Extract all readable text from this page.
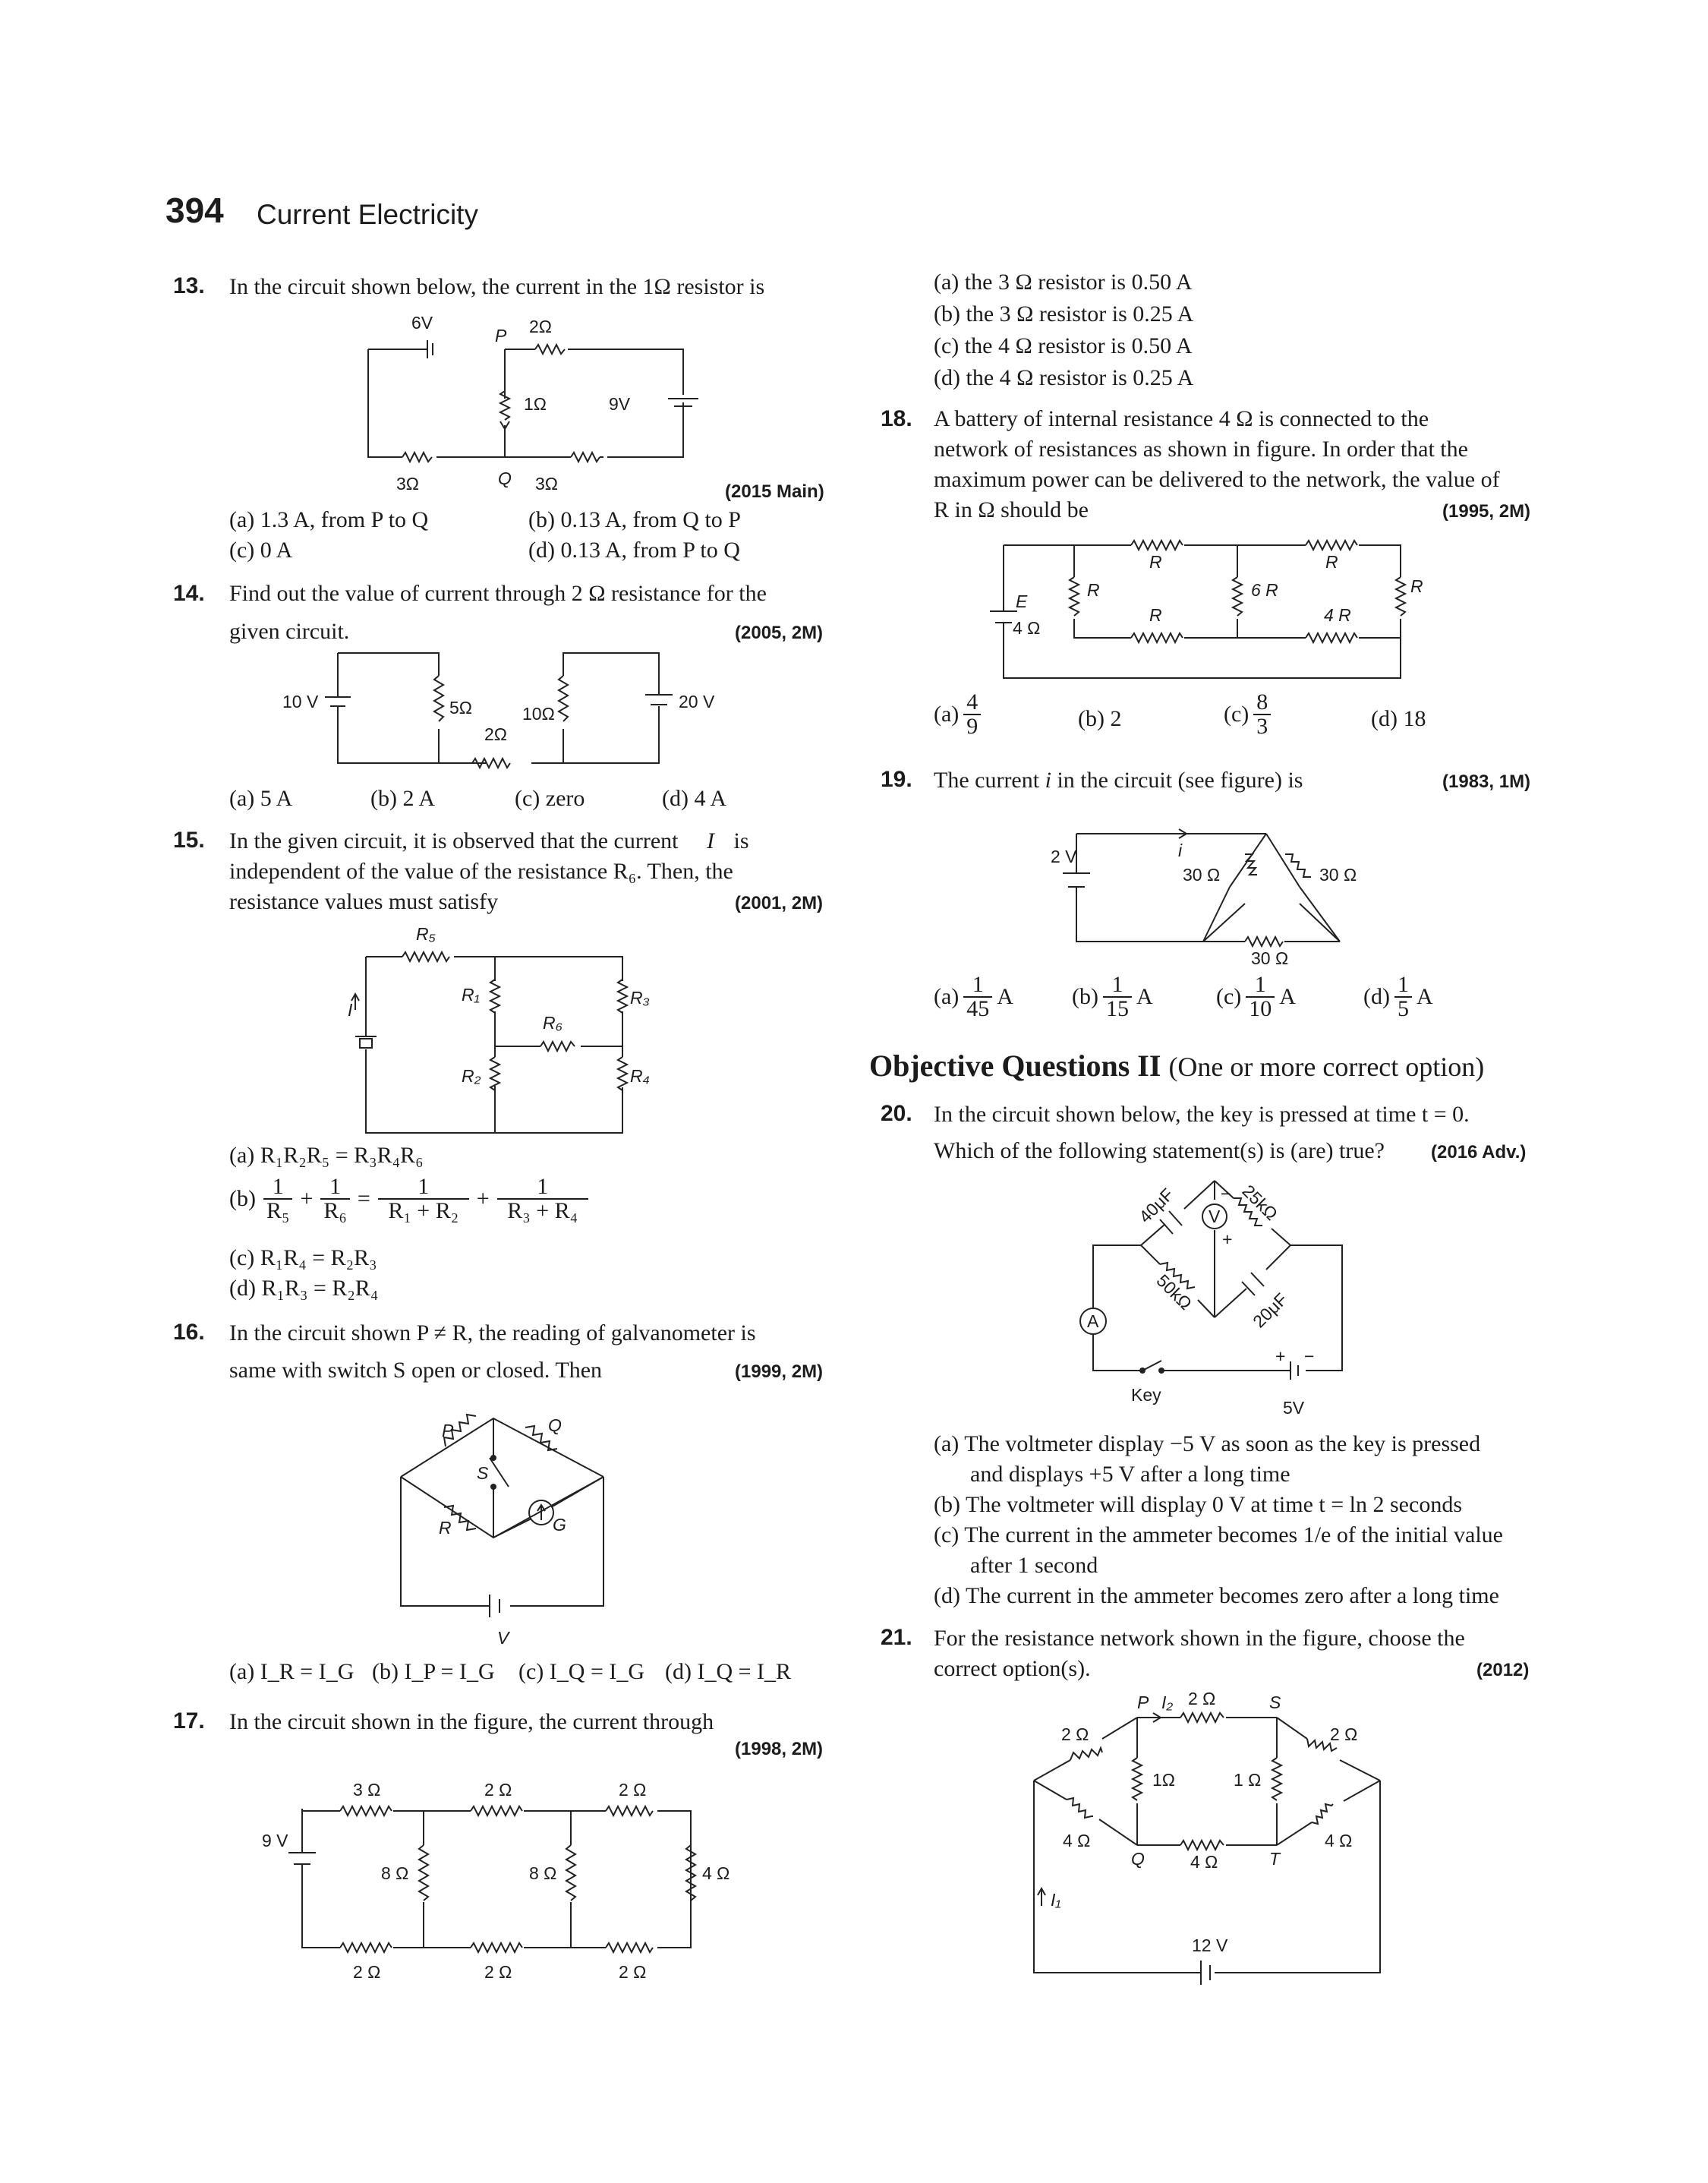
394 Current Electricity
13. In the circuit shown below, the current in the 1Ω resistor is
6V
P 2Ω
1Ω	9V
3Ω	Q 3Ω	(2015 Main)
(a) 1.3 A, from P to Q	(b) 0.13 A, from Q to P
(c) 0 A	(d) 0.13 A, from P to Q
14. Find out the value of current through 2 Ω resistance for the
given circuit.	(2005, 2M)
10 V	5Ω	10Ω
2Ω
20 V
(a) 5 A	(b) 2 A	(c) zero	(d) 4 A
15. In the given circuit, it is observed that the current I is
independent of the value of the resistance R₆. Then, the
resistance values must satisfy	(2001, 2M)
I
R₅
R₁	R₃
R₆
R₂	R₄
(a) R₁R₂R₅ = R₃R₄R₆
$(b) \frac{1}{\text{R₅}} + \frac{1}{\text{R₆}} = \frac{1}{\text{R₁ + R₂}} + \frac{1}{\text{R₃ + R₄}}$
(c) R₁R₄ = R₂R₃
(d) R₁R₃ = R₂R₄
16. In the circuit shown P ≠ R, the reading of galvanometer is
same with switch S open or closed. Then	(1999, 2M)
P	Q
S
R	G
V
(a) I_R = I_G (b) I_P = I_G (c) I_Q = I_G (d) I_Q = I_R
17. In the circuit shown in the figure, the current through
(1998, 2M)
3 Ω	2 Ω	2 Ω
9 V
8 Ω	8 Ω	4 Ω
2 Ω	2 Ω	2 Ω
(a) the 3 Ω resistor is 0.50 A
(b) the 3 Ω resistor is 0.25 A
(c) the 4 Ω resistor is 0.50 A
(d) the 4 Ω resistor is 0.25 A
18. A battery of internal resistance 4 Ω is connected to the
network of resistances as shown in figure. In order that the
maximum power can be delivered to the network, the value of
R in Ω should be	(1995, 2M)
R	R
E
R	6 R
R	4 R
R
4 Ω
$(a) \frac{4}{9}$	(b) 2	$(c) \frac{8}{3}$	(d) 18
19. The current i in the circuit (see figure) is	(1983, 1M)
2 V	i
30 Ω	30 Ω
30 Ω
$(a) \frac{1}{45}$ A	$(b) \frac{1}{15}$ A	$(c) \frac{1}{10}$ A	$(d) \frac{1}{5}$ A
Objective Questions II (One or more correct option)
20. In the circuit shown below, the key is pressed at time t = 0.
Which of the following statement(s) is (are) true?	(2016 Adv.)
40μF	25kΩ
V
−
+
50kΩ	20μF
A
Key
+ −
5V
(a) The voltmeter display −5 V as soon as the key is pressed
and displays +5 V after a long time
(b) The voltmeter will display 0 V at time t = ln 2 seconds
(c) The current in the ammeter becomes 1/e of the initial value
after 1 second
(d) The current in the ammeter becomes zero after a long time
21. For the resistance network shown in the figure, choose the
correct option(s).	(2012)
P I₂ 2 Ω	S
2 Ω	2 Ω
1Ω	1 Ω
4 Ω	4 Ω
Q	4 Ω	T
I₁
12 V
